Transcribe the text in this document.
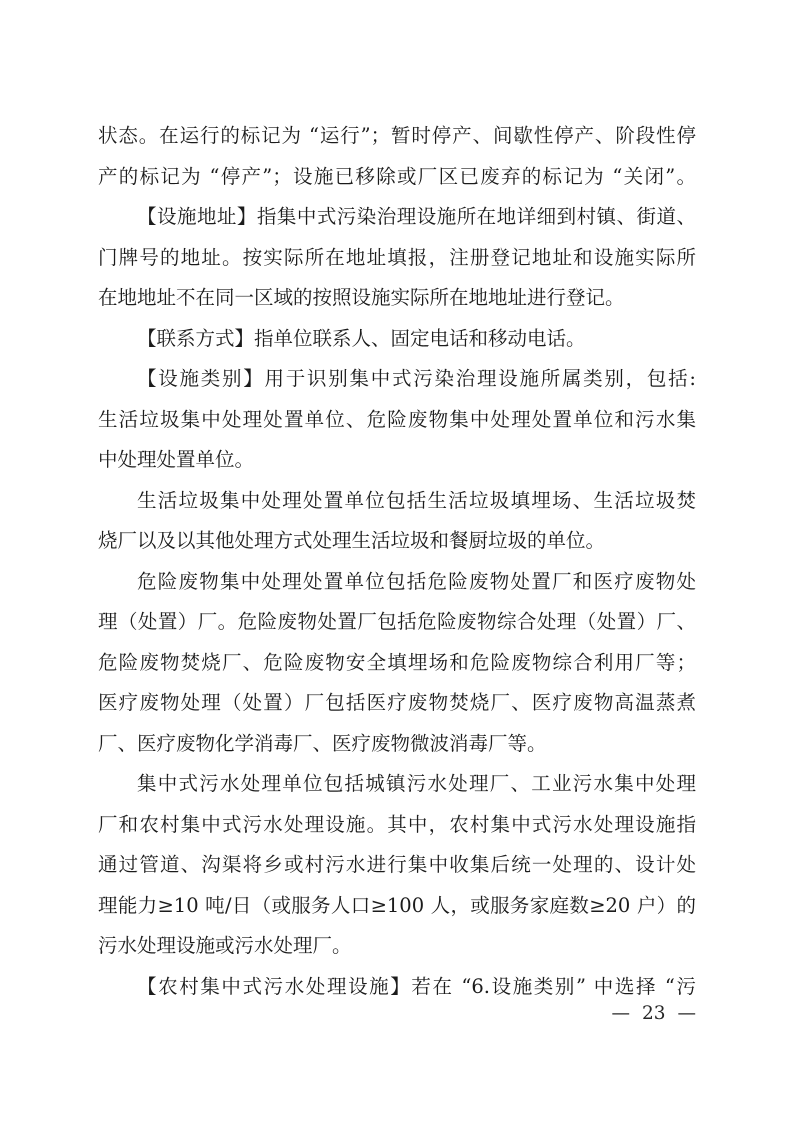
状态。在运行的标记为 “运行”；暂时停产、间歇性停产、阶段性停
产的标记为 “停产”；设施已移除或厂区已废弃的标记为 “关闭”。
【设施地址】指集中式污染治理设施所在地详细到村镇、街道、
门牌号的地址。按实际所在地址填报，注册登记地址和设施实际所
在地地址不在同一区域的按照设施实际所在地地址进行登记。
【联系方式】指单位联系人、固定电话和移动电话。
【设施类别】用于识别集中式污染治理设施所属类别，包括:
生活垃圾集中处理处置单位、危险废物集中处理处置单位和污水集
中处理处置单位。
生活垃圾集中处理处置单位包括生活垃圾填埋场、生活垃圾焚
烧厂以及以其他处理方式处理生活垃圾和餐厨垃圾的单位。
危险废物集中处理处置单位包括危险废物处置厂和医疗废物处
理（处置）厂。危险废物处置厂包括危险废物综合处理（处置）厂、
危险废物焚烧厂、危险废物安全填埋场和危险废物综合利用厂等；
医疗废物处理（处置）厂包括医疗废物焚烧厂、医疗废物高温蒸煮
厂、医疗废物化学消毒厂、医疗废物微波消毒厂等。
集中式污水处理单位包括城镇污水处理厂、工业污水集中处理
厂和农村集中式污水处理设施。其中，农村集中式污水处理设施指
通过管道、沟渠将乡或村污水进行集中收集后统一处理的、设计处
理能力≥10 吨/日（或服务人口≥100 人，或服务家庭数≥20 户）的
污水处理设施或污水处理厂。
【农村集中式污水处理设施】若在 “6.设施类别” 中选择 “污
— 23 —
